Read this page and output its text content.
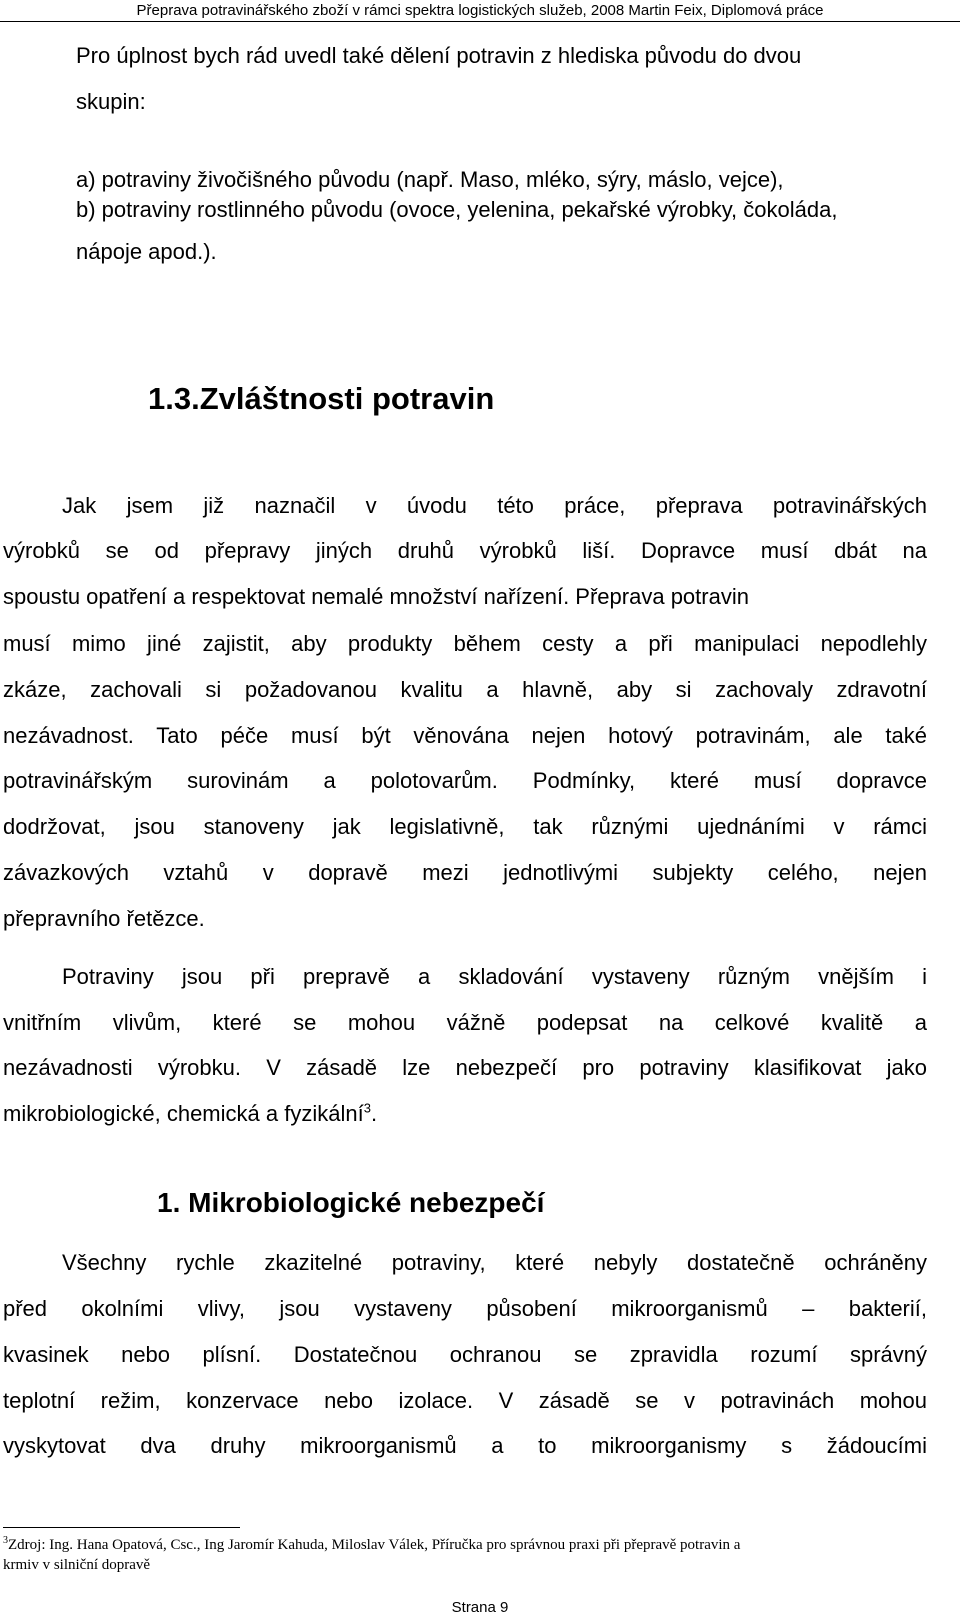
Přeprava potravinářského zboží v rámci spektra logistických služeb, 2008 Martin Feix, Diplomová práce
Pro úplnost bych rád uvedl také dělení potravin z hlediska původu do dvou
skupin:
a) potraviny živočišného původu (např. Maso, mléko, sýry, máslo, vejce),
b) potraviny rostlinného původu (ovoce, yelenina, pekařské výrobky, čokoláda,
nápoje apod.).
1.3.Zvláštnosti potravin
Jak jsem již naznačil v úvodu této práce, přeprava potravinářských
výrobků se od přepravy jiných druhů výrobků liší. Dopravce musí dbát na
spoustu opatření a respektovat nemalé množství nařízení. Přeprava potravin
musí mimo jiné zajistit, aby produkty během cesty a při manipulaci nepodlehly
zkáze, zachovali si požadovanou kvalitu a hlavně, aby si zachovaly zdravotní
nezávadnost. Tato péče musí být věnována nejen hotový potravinám, ale také
potravinářským surovinám a polotovarům. Podmínky, které musí dopravce
dodržovat, jsou stanoveny jak legislativně, tak různými ujednáními v rámci
závazkových vztahů v dopravě mezi jednotlivými subjekty celého, nejen
přepravního řetězce.
Potraviny jsou při prepravě a skladování vystaveny různým vnějším i
vnitřním vlivům, které se mohou vážně podepsat na celkové kvalitě a
nezávadnosti výrobku. V zásadě lze nebezpečí pro potraviny klasifikovat jako
mikrobiologické, chemická a fyzikální$^3$.
1. Mikrobiologické nebezpečí
Všechny rychle zkazitelné potraviny, které nebyly dostatečně ochráněny
před okolními vlivy, jsou vystaveny působení mikroorganismů – bakterií,
kvasinek nebo plísní. Dostatečnou ochranou se zpravidla rozumí správný
teplotní režim, konzervace nebo izolace. V zásadě se v potravinách mohou
vyskytovat dva druhy mikroorganismů a to mikroorganismy s žádoucími
$^3$Zdroj: Ing. Hana Opatová, Csc., Ing Jaromír Kahuda, Miloslav Válek, Příručka pro správnou praxi při přepravě potravin a
krmiv v silniční dopravě
Strana 9
